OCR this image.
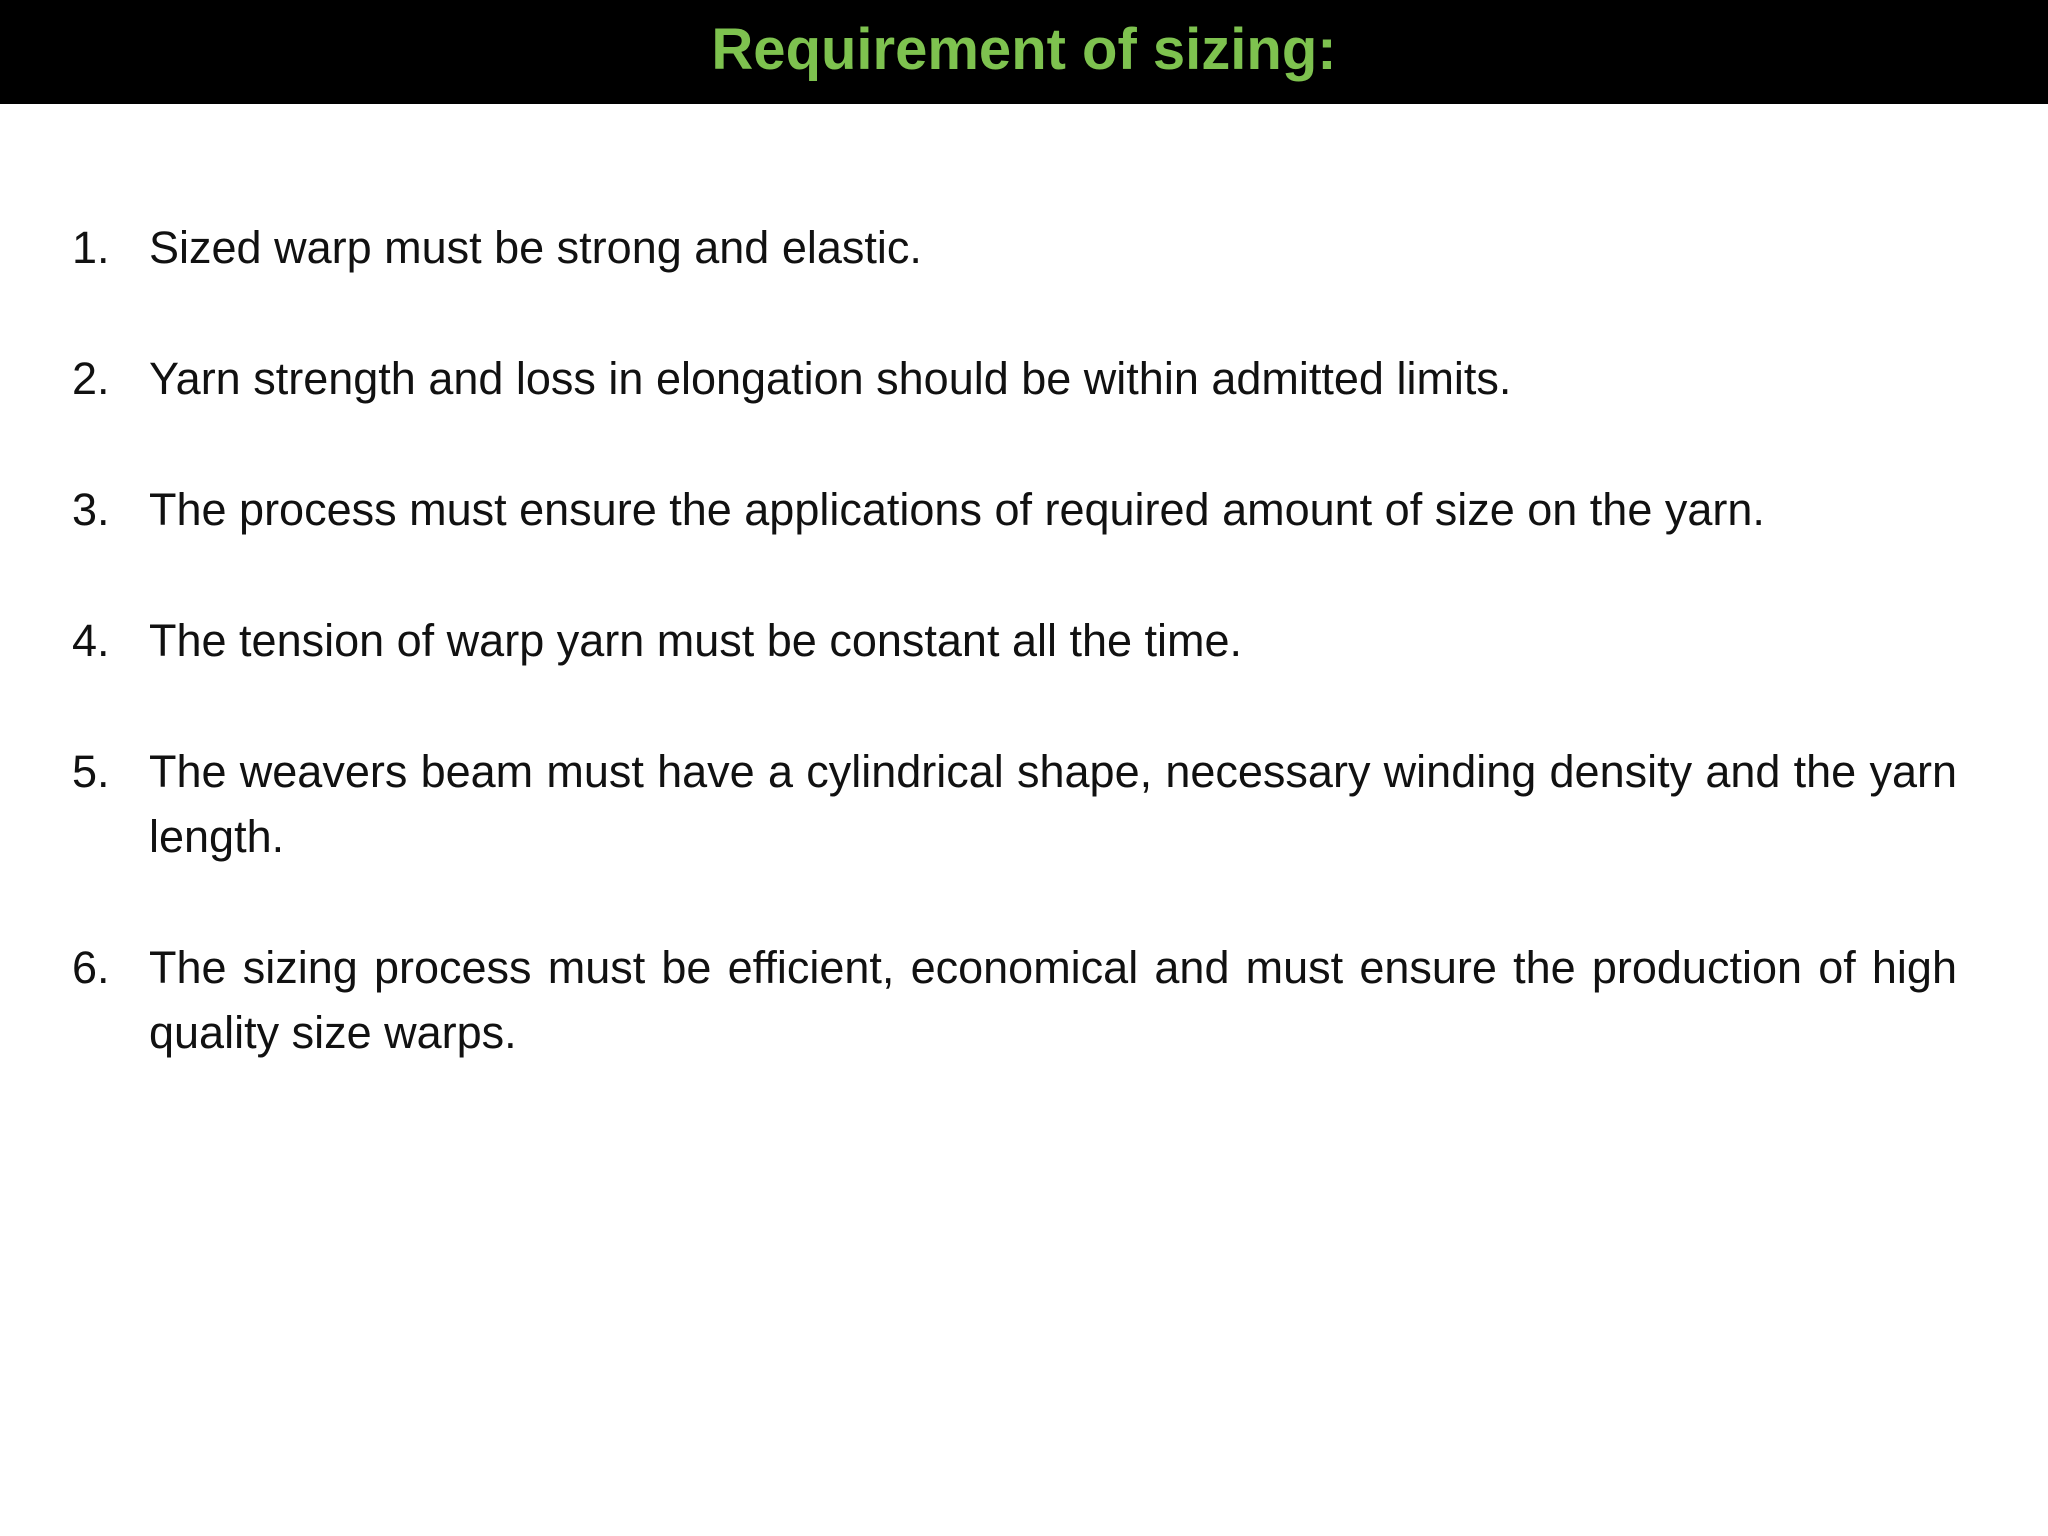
Requirement of sizing:
1. Sized warp must be strong and elastic.
2. Yarn strength and loss in elongation should be within admitted limits.
3. The process must ensure the applications of required amount of size on the yarn.
4. The tension of warp yarn must be constant all the time.
5. The weavers beam must have a cylindrical shape, necessary winding density and the yarn length.
6. The sizing process must be efficient, economical and must ensure the production of high quality size warps.
